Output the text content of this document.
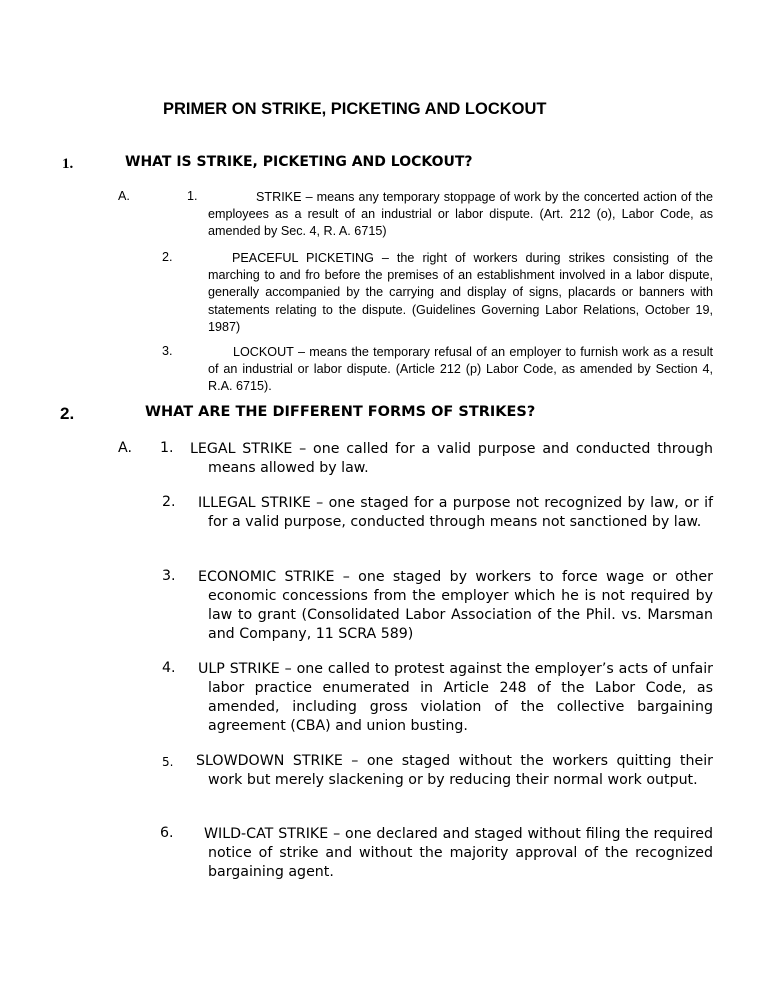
PRIMER ON STRIKE, PICKETING AND LOCKOUT
1.	WHAT IS STRIKE, PICKETING AND LOCKOUT?
A.	1.	STRIKE – means any temporary stoppage of work by the concerted action of the employees as a result of an industrial or labor dispute. (Art. 212 (o), Labor Code, as amended by Sec. 4, R. A. 6715)
2.	PEACEFUL PICKETING – the right of workers during strikes consisting of the marching to and fro before the premises of an establishment involved in a labor dispute, generally accompanied by the carrying and display of signs, placards or banners with statements relating to the dispute. (Guidelines Governing Labor Relations, October 19, 1987)
3.	LOCKOUT – means the temporary refusal of an employer to furnish work as a result of an industrial or labor dispute. (Article 212 (p) Labor Code, as amended by Section 4, R.A. 6715).
2.	WHAT ARE THE DIFFERENT FORMS OF STRIKES?
A. 1. LEGAL STRIKE – one called for a valid purpose and conducted through means allowed by law.
2. ILLEGAL STRIKE – one staged for a purpose not recognized by law, or if for a valid purpose, conducted through means not sanctioned by law.
3. ECONOMIC STRIKE – one staged by workers to force wage or other economic concessions from the employer which he is not required by law to grant (Consolidated Labor Association of the Phil. vs. Marsman and Company, 11 SCRA 589)
4. ULP STRIKE – one called to protest against the employer’s acts of unfair labor practice enumerated in Article 248 of the Labor Code, as amended, including gross violation of the collective bargaining agreement (CBA) and union busting.
5. SLOWDOWN STRIKE – one staged without the workers quitting their work but merely slackening or by reducing their normal work output.
6. WILD-CAT STRIKE – one declared and staged without filing the required notice of strike and without the majority approval of the recognized bargaining agent.
